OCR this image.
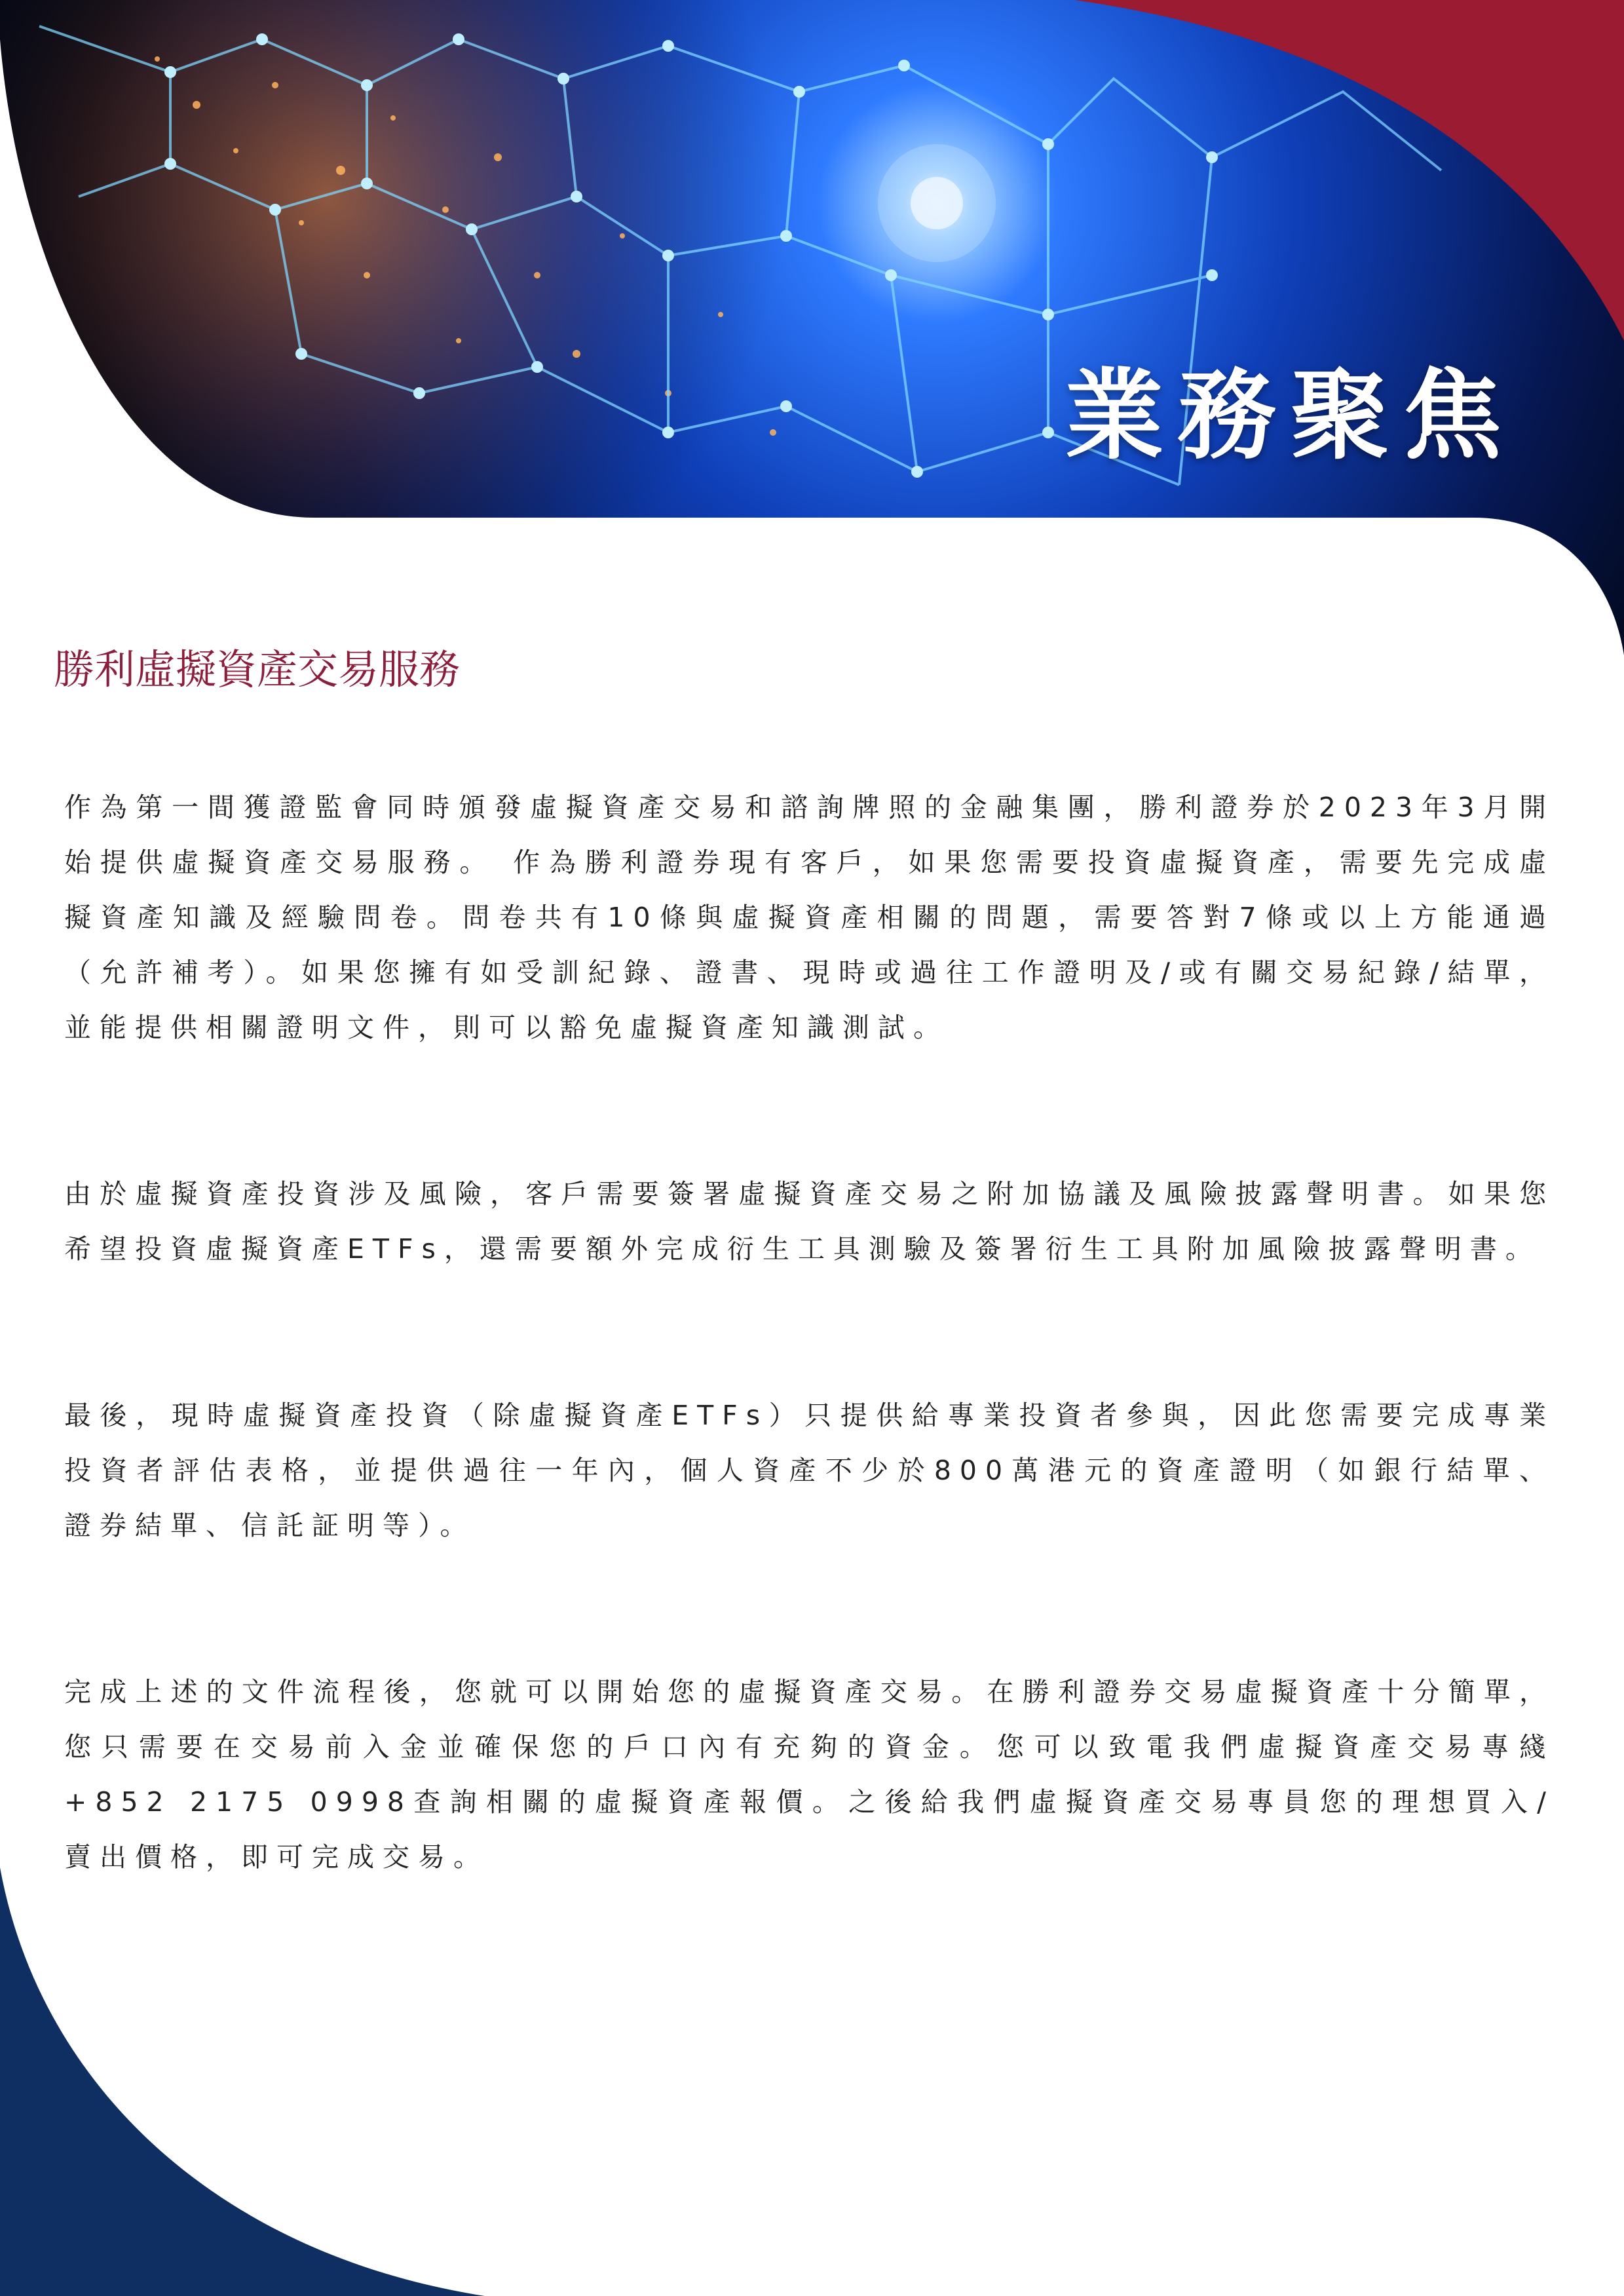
業務聚焦
勝利虛擬資產交易服務

作為第一間獲證監會同時頒發虛擬資產交易和諮詢牌照的金融集團，勝利證券於2023年3月開始提供虛擬資產交易服務。 作為勝利證券現有客戶，如果您需要投資虛擬資產，需要先完成虛擬資產知識及經驗問卷。問卷共有10條與虛擬資產相關的問題，需要答對7條或以上方能通過（允許補考）。如果您擁有如受訓紀錄、證書、現時或過往工作證明及/或有關交易紀錄/結單，並能提供相關證明文件，則可以豁免虛擬資產知識測試。

由於虛擬資產投資涉及風險，客戶需要簽署虛擬資產交易之附加協議及風險披露聲明書。如果您希望投資虛擬資產ETFs，還需要額外完成衍生工具測驗及簽署衍生工具附加風險披露聲明書。

最後，現時虛擬資產投資（除虛擬資產ETFs）只提供給專業投資者參與，因此您需要完成專業投資者評估表格，並提供過往一年內，個人資產不少於800萬港元的資產證明（如銀行結單、證券結單、信託証明等）。

完成上述的文件流程後，您就可以開始您的虛擬資產交易。在勝利證券交易虛擬資產十分簡單，您只需要在交易前入金並確保您的戶口內有充夠的資金。您可以致電我們虛擬資產交易專綫+852 2175 0998查詢相關的虛擬資產報價。之後給我們虛擬資產交易專員您的理想買入/賣出價格，即可完成交易。
